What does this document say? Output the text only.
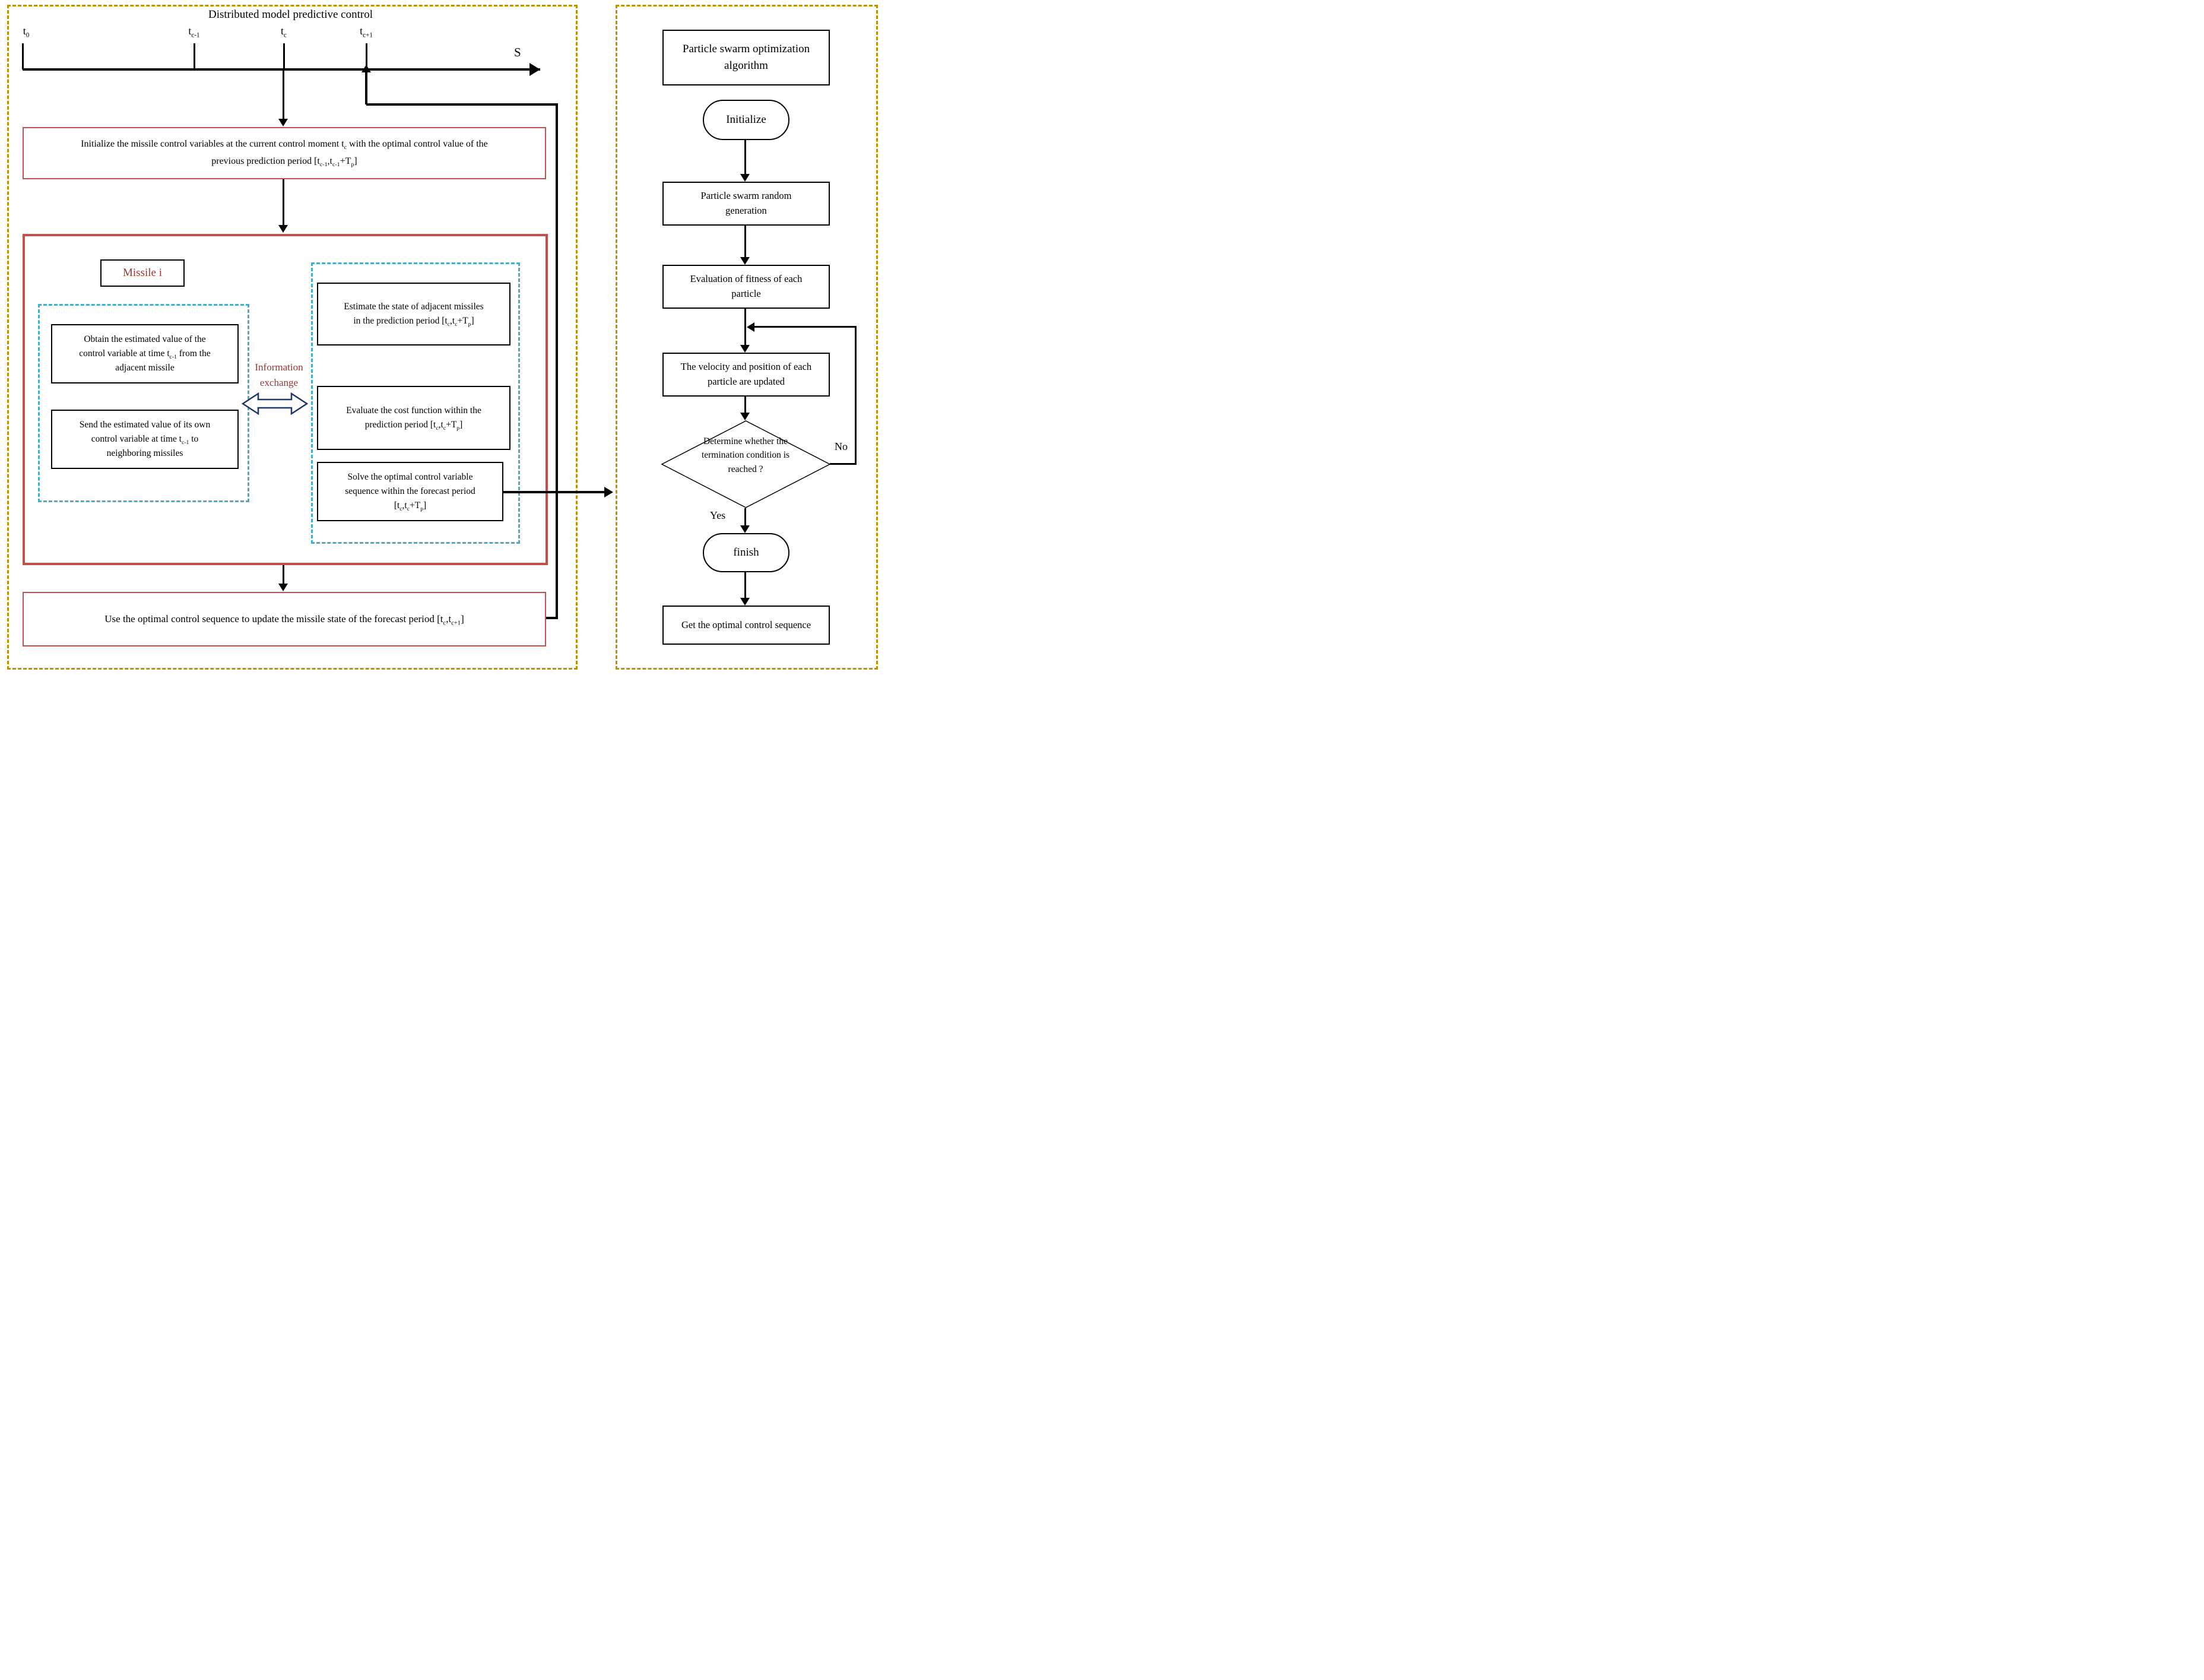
Distributed model predictive control
S
$t_0$	$t_{c-1}$	$t_c$	$t_{c+1}$
Initialize the missile control variables at the current control moment $t_c$ with the optimal control value of the
previous prediction period $[t_{c-1},t_{c-1}+T_p]$
Missile i
Obtain the estimated value of the
control variable at time $t_{c-1}$ from the
adjacent missile
Send the estimated value of its own
control variable at time $t_{c-1}$ to
neighboring missiles
Information
exchange
Estimate the state of adjacent missiles
in the prediction period $[t_c,t_c+T_p]$
Evaluate the cost function within the
prediction period $[t_c,t_c+T_p]$
Solve the optimal control variable
sequence within the forecast period
$[t_c,t_c+T_p]$
Use the optimal control sequence to update the missile state of the forecast period $[t_c,t_{c+1}]$
Particle swarm optimization algorithm
Initialize
Particle swarm random
generation
Evaluation of fitness of each
particle
The velocity and position of each
particle are updated
Determine whether the
termination condition is
reached ?
No
Yes
finish
Get the optimal control sequence
